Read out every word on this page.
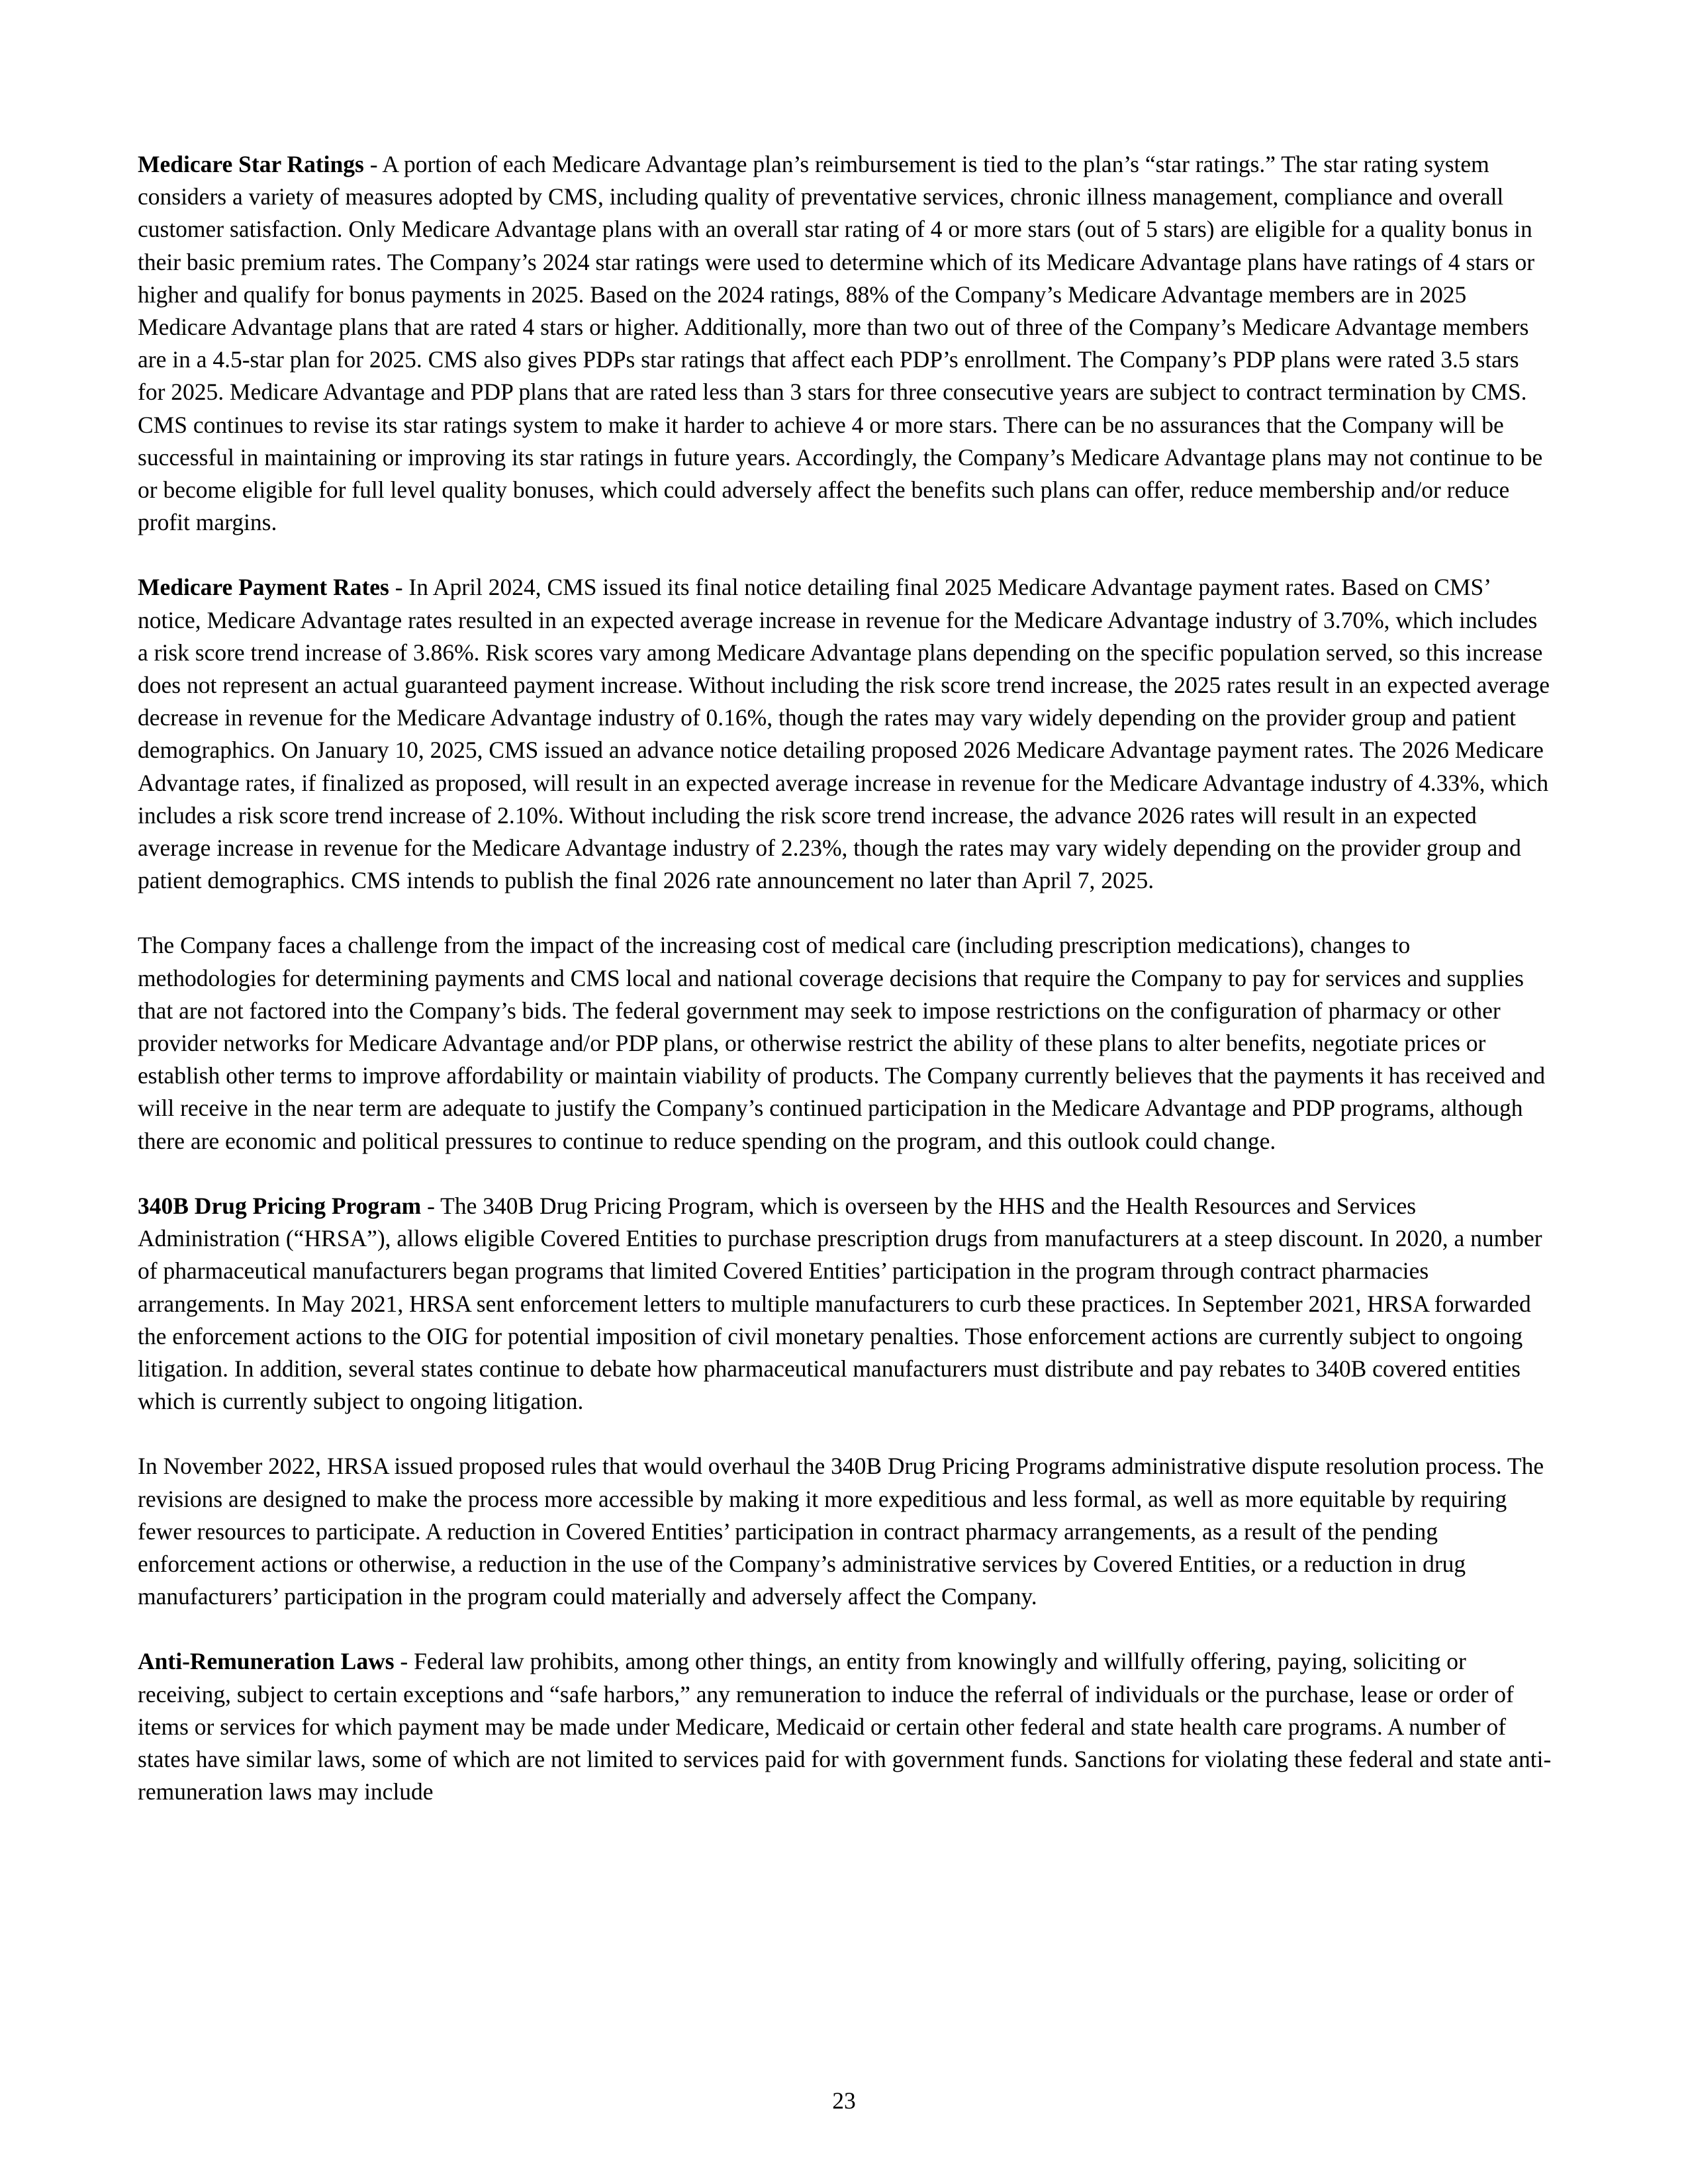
Medicare Star Ratings - A portion of each Medicare Advantage plan’s reimbursement is tied to the plan’s “star ratings.” The star rating system considers a variety of measures adopted by CMS, including quality of preventative services, chronic illness management, compliance and overall customer satisfaction. Only Medicare Advantage plans with an overall star rating of 4 or more stars (out of 5 stars) are eligible for a quality bonus in their basic premium rates. The Company’s 2024 star ratings were used to determine which of its Medicare Advantage plans have ratings of 4 stars or higher and qualify for bonus payments in 2025. Based on the 2024 ratings, 88% of the Company’s Medicare Advantage members are in 2025 Medicare Advantage plans that are rated 4 stars or higher. Additionally, more than two out of three of the Company’s Medicare Advantage members are in a 4.5-star plan for 2025. CMS also gives PDPs star ratings that affect each PDP’s enrollment. The Company’s PDP plans were rated 3.5 stars for 2025. Medicare Advantage and PDP plans that are rated less than 3 stars for three consecutive years are subject to contract termination by CMS. CMS continues to revise its star ratings system to make it harder to achieve 4 or more stars. There can be no assurances that the Company will be successful in maintaining or improving its star ratings in future years. Accordingly, the Company’s Medicare Advantage plans may not continue to be or become eligible for full level quality bonuses, which could adversely affect the benefits such plans can offer, reduce membership and/or reduce profit margins.

Medicare Payment Rates - In April 2024, CMS issued its final notice detailing final 2025 Medicare Advantage payment rates. Based on CMS’ notice, Medicare Advantage rates resulted in an expected average increase in revenue for the Medicare Advantage industry of 3.70%, which includes a risk score trend increase of 3.86%. Risk scores vary among Medicare Advantage plans depending on the specific population served, so this increase does not represent an actual guaranteed payment increase. Without including the risk score trend increase, the 2025 rates result in an expected average decrease in revenue for the Medicare Advantage industry of 0.16%, though the rates may vary widely depending on the provider group and patient demographics. On January 10, 2025, CMS issued an advance notice detailing proposed 2026 Medicare Advantage payment rates. The 2026 Medicare Advantage rates, if finalized as proposed, will result in an expected average increase in revenue for the Medicare Advantage industry of 4.33%, which includes a risk score trend increase of 2.10%. Without including the risk score trend increase, the advance 2026 rates will result in an expected average increase in revenue for the Medicare Advantage industry of 2.23%, though the rates may vary widely depending on the provider group and patient demographics. CMS intends to publish the final 2026 rate announcement no later than April 7, 2025.

The Company faces a challenge from the impact of the increasing cost of medical care (including prescription medications), changes to methodologies for determining payments and CMS local and national coverage decisions that require the Company to pay for services and supplies that are not factored into the Company’s bids. The federal government may seek to impose restrictions on the configuration of pharmacy or other provider networks for Medicare Advantage and/or PDP plans, or otherwise restrict the ability of these plans to alter benefits, negotiate prices or establish other terms to improve affordability or maintain viability of products. The Company currently believes that the payments it has received and will receive in the near term are adequate to justify the Company’s continued participation in the Medicare Advantage and PDP programs, although there are economic and political pressures to continue to reduce spending on the program, and this outlook could change.

340B Drug Pricing Program - The 340B Drug Pricing Program, which is overseen by the HHS and the Health Resources and Services Administration (“HRSA”), allows eligible Covered Entities to purchase prescription drugs from manufacturers at a steep discount. In 2020, a number of pharmaceutical manufacturers began programs that limited Covered Entities’ participation in the program through contract pharmacies arrangements. In May 2021, HRSA sent enforcement letters to multiple manufacturers to curb these practices. In September 2021, HRSA forwarded the enforcement actions to the OIG for potential imposition of civil monetary penalties. Those enforcement actions are currently subject to ongoing litigation. In addition, several states continue to debate how pharmaceutical manufacturers must distribute and pay rebates to 340B covered entities which is currently subject to ongoing litigation.

In November 2022, HRSA issued proposed rules that would overhaul the 340B Drug Pricing Programs administrative dispute resolution process. The revisions are designed to make the process more accessible by making it more expeditious and less formal, as well as more equitable by requiring fewer resources to participate. A reduction in Covered Entities’ participation in contract pharmacy arrangements, as a result of the pending enforcement actions or otherwise, a reduction in the use of the Company’s administrative services by Covered Entities, or a reduction in drug manufacturers’ participation in the program could materially and adversely affect the Company.

Anti-Remuneration Laws - Federal law prohibits, among other things, an entity from knowingly and willfully offering, paying, soliciting or receiving, subject to certain exceptions and “safe harbors,” any remuneration to induce the referral of individuals or the purchase, lease or order of items or services for which payment may be made under Medicare, Medicaid or certain other federal and state health care programs. A number of states have similar laws, some of which are not limited to services paid for with government funds. Sanctions for violating these federal and state anti-remuneration laws may include

23
